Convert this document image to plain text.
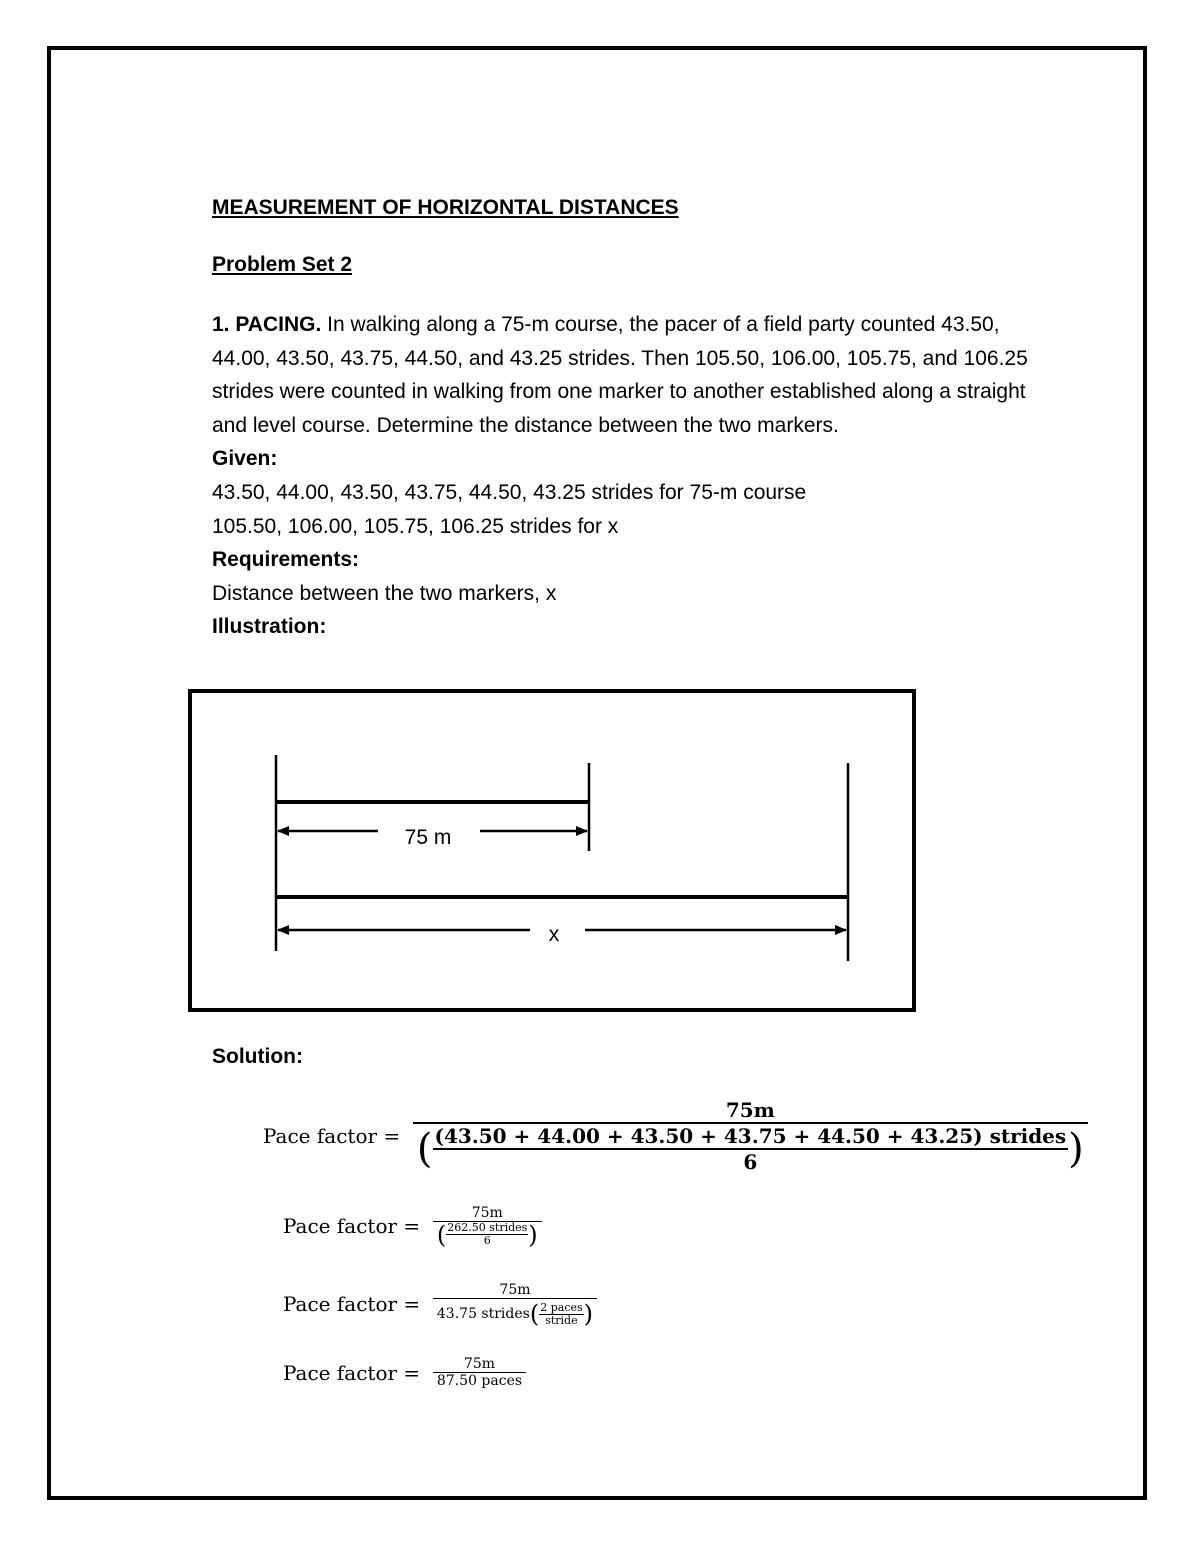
MEASUREMENT OF HORIZONTAL DISTANCES
Problem Set 2

1. PACING. In walking along a 75-m course, the pacer of a field party counted 43.50, 44.00, 43.50, 43.75, 44.50, and 43.25 strides. Then 105.50, 106.00, 105.75, and 106.25 strides were counted in walking from one marker to another established along a straight and level course. Determine the distance between the two markers.

Given:
43.50, 44.00, 43.50, 43.75, 44.50, 43.25 strides for 75-m course
105.50, 106.00, 105.75, 106.25 strides for x
Requirements:
Distance between the two markers, x
Illustration:
75 m
x
Solution:
Pace factor =

75m
( $\frac{\text{(43.50 + 44.00 + 43.50 + 43.75 + 44.50 + 43.25) strides}}{6}$ )
Pace factor =

75m
( $\frac{\text{262.50 strides}}{6}$ )
Pace factor =

75m
43.75 strides ( $\frac{\text{2 paces}}{\text{stride}}$ )
Pace factor =
$\frac{75m}{\text{87.50 paces}}$
